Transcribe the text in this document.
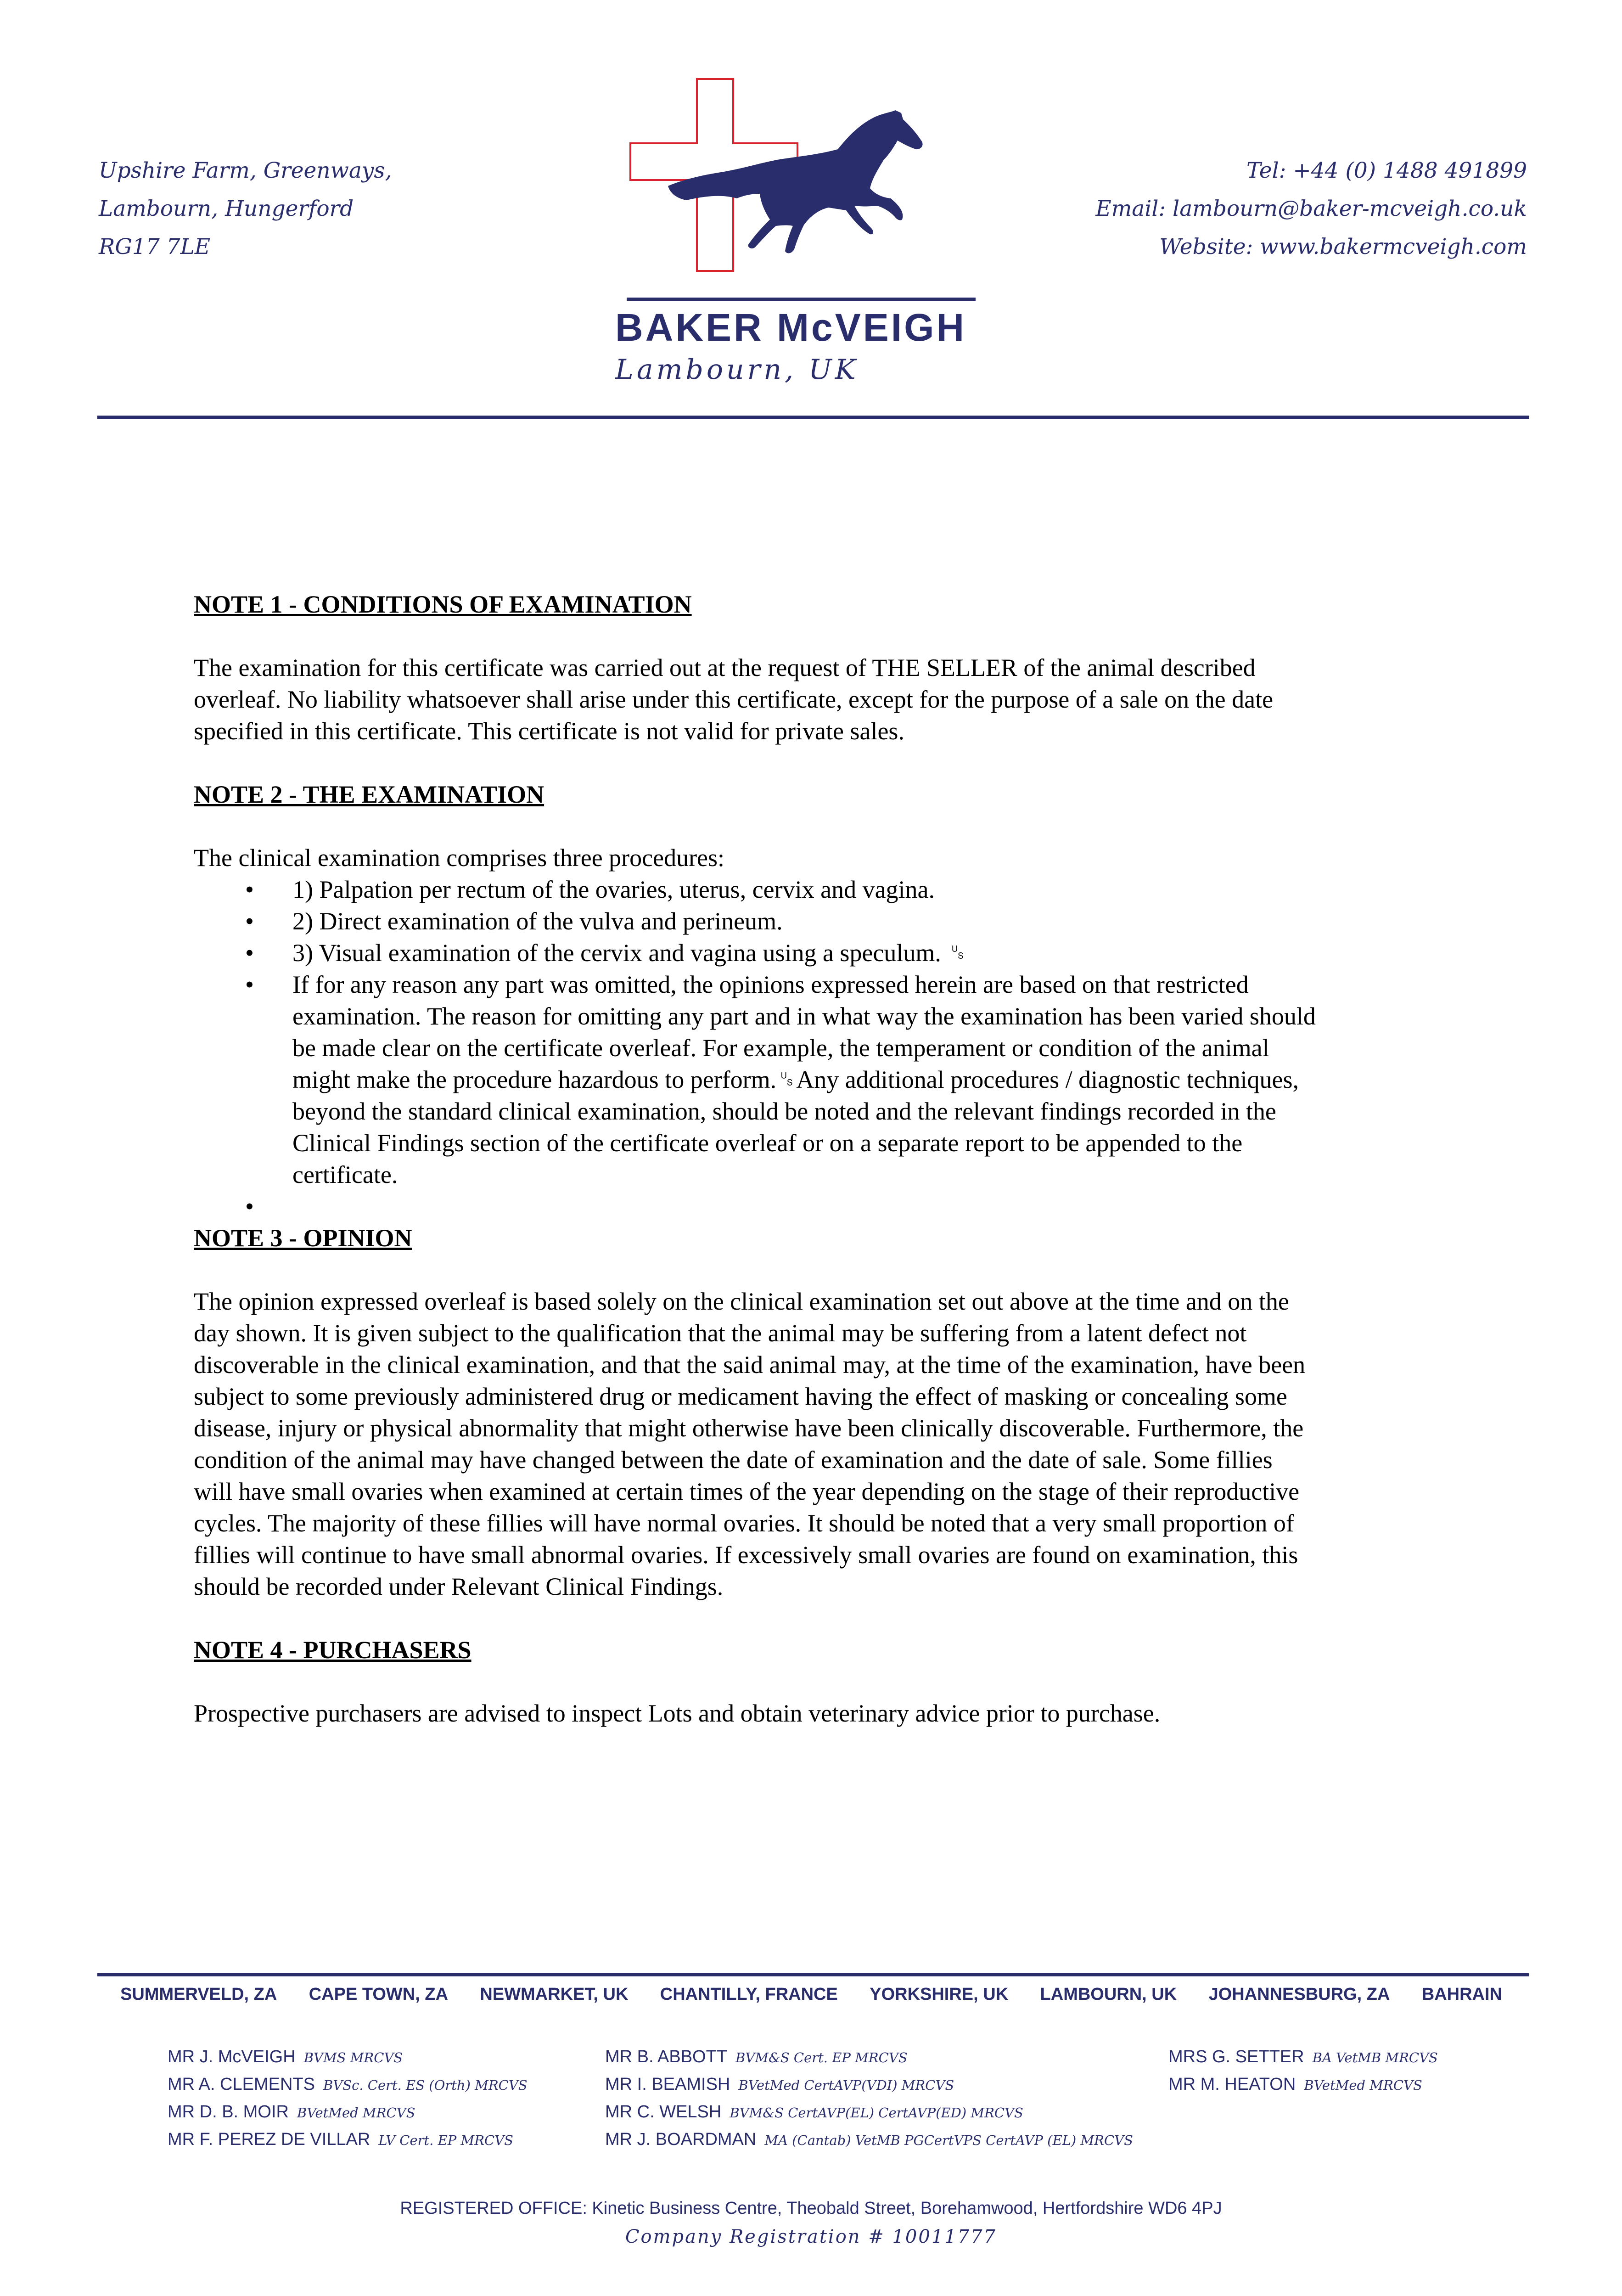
Upshire Farm, Greenways,
Lambourn, Hungerford
RG17 7LE
Tel: +44 (0) 1488 491899
Email: lambourn@baker-mcveigh.co.uk
Website: www.bakermcveigh.com
BAKER McVEIGH
Lambourn, UK
NOTE 1 - CONDITIONS OF EXAMINATION

The examination for this certificate was carried out at the request of THE SELLER of the animal described
overleaf. No liability whatsoever shall arise under this certificate, except for the purpose of a sale on the date
specified in this certificate. This certificate is not valid for private sales.

NOTE 2 - THE EXAMINATION

The clinical examination comprises three procedures:

• 1) Palpation per rectum of the ovaries, uterus, cervix and vagina.
• 2) Direct examination of the vulva and perineum.
• 3) Visual examination of the cervix and vagina using a speculum. ␟
• If for any reason any part was omitted, the opinions expressed herein are based on that restricted
examination. The reason for omitting any part and in what way the examination has been varied should
be made clear on the certificate overleaf. For example, the temperament or condition of the animal
might make the procedure hazardous to perform.␟Any additional procedures / diagnostic techniques,
beyond the standard clinical examination, should be noted and the relevant findings recorded in the
Clinical Findings section of the certificate overleaf or on a separate report to be appended to the
certificate.
•
NOTE 3 - OPINION

The opinion expressed overleaf is based solely on the clinical examination set out above at the time and on the
day shown. It is given subject to the qualification that the animal may be suffering from a latent defect not
discoverable in the clinical examination, and that the said animal may, at the time of the examination, have been
subject to some previously administered drug or medicament having the effect of masking or concealing some
disease, injury or physical abnormality that might otherwise have been clinically discoverable. Furthermore, the
condition of the animal may have changed between the date of examination and the date of sale. Some fillies
will have small ovaries when examined at certain times of the year depending on the stage of their reproductive
cycles. The majority of these fillies will have normal ovaries. It should be noted that a very small proportion of
fillies will continue to have small abnormal ovaries. If excessively small ovaries are found on examination, this
should be recorded under Relevant Clinical Findings.

NOTE 4 - PURCHASERS

Prospective purchasers are advised to inspect Lots and obtain veterinary advice prior to purchase.

SUMMERVELD, ZA CAPE TOWN, ZA NEWMARKET, UK CHANTILLY, FRANCE YORKSHIRE, UK LAMBOURN, UK JOHANNESBURG, ZA BAHRAIN
MR J. McVEIGH BVMS MRCVS
MR A. CLEMENTS BVSc. Cert. ES (Orth) MRCVS
MR D. B. MOIR BVetMed MRCVS
MR F. PEREZ DE VILLAR LV Cert. EP MRCVS
MR B. ABBOTT BVM&S Cert. EP MRCVS
MR I. BEAMISH BVetMed CertAVP(VDI) MRCVS
MR C. WELSH BVM&S CertAVP(EL) CertAVP(ED) MRCVS
MR J. BOARDMAN MA (Cantab) VetMB PGCertVPS CertAVP (EL) MRCVS
MRS G. SETTER BA VetMB MRCVS
MR M. HEATON BVetMed MRCVS
REGISTERED OFFICE: Kinetic Business Centre, Theobald Street, Borehamwood, Hertfordshire WD6 4PJ
Company Registration # 10011777
